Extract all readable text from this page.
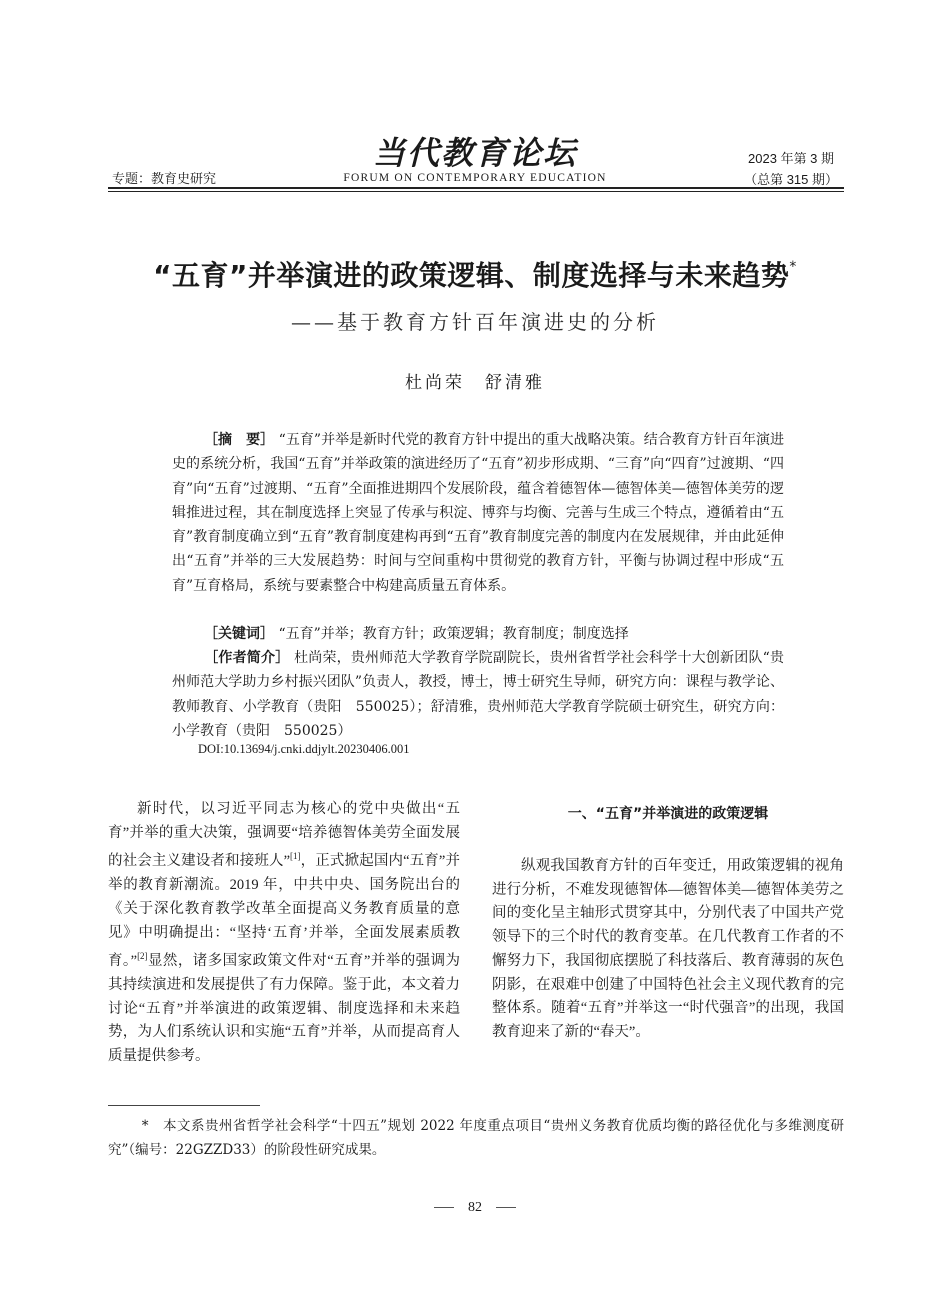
专题：教育史研究
当代教育论坛
FORUM ON CONTEMPORARY EDUCATION
2023 年第 3 期
（总第 315 期）
“五育”并举演进的政策逻辑、制度选择与未来趋势*
——基于教育方针百年演进史的分析
杜尚荣　舒清雅
［摘　要］ “五育”并举是新时代党的教育方针中提出的重大战略决策。结合教育方针百年演进史的系统分析，我国“五育”并举政策的演进经历了“五育”初步形成期、“三育”向“四育”过渡期、“四育”向“五育”过渡期、“五育”全面推进期四个发展阶段，蕴含着德智体—德智体美—德智体美劳的逻辑推进过程，其在制度选择上突显了传承与积淀、博弈与均衡、完善与生成三个特点，遵循着由“五育”教育制度确立到“五育”教育制度建构再到“五育”教育制度完善的制度内在发展规律，并由此延伸出“五育”并举的三大发展趋势：时间与空间重构中贯彻党的教育方针，平衡与协调过程中形成“五育”互育格局，系统与要素整合中构建高质量五育体系。
［关键词］ “五育”并举；教育方针；政策逻辑；教育制度；制度选择
［作者简介］ 杜尚荣，贵州师范大学教育学院副院长，贵州省哲学社会科学十大创新团队“贵州师范大学助力乡村振兴团队”负责人，教授，博士，博士研究生导师，研究方向：课程与教学论、教师教育、小学教育（贵阳　550025）；舒清雅，贵州师范大学教育学院硕士研究生，研究方向：小学教育（贵阳　550025）
DOI:10.13694/j.cnki.ddjylt.20230406.001

新时代，以习近平同志为核心的党中央做出“五育”并举的重大决策，强调要“培养德智体美劳全面发展的社会主义建设者和接班人”[1]，正式掀起国内“五育”并举的教育新潮流。2019 年，中共中央、国务院出台的《关于深化教育教学改革全面提高义务教育质量的意见》中明确提出：“坚持‘五育’并举，全面发展素质教育。”[2]显然，诸多国家政策文件对“五育”并举的强调为其持续演进和发展提供了有力保障。鉴于此，本文着力讨论“五育”并举演进的政策逻辑、制度选择和未来趋势，为人们系统认识和实施“五育”并举，从而提高育人质量提供参考。

一、“五育”并举演进的政策逻辑

纵观我国教育方针的百年变迁，用政策逻辑的视角进行分析，不难发现德智体—德智体美—德智体美劳之间的变化呈主轴形式贯穿其中，分别代表了中国共产党领导下的三个时代的教育变革。在几代教育工作者的不懈努力下，我国彻底摆脱了科技落后、教育薄弱的灰色阴影，在艰难中创建了中国特色社会主义现代教育的完整体系。随着“五育”并举这一“时代强音”的出现，我国教育迎来了新的“春天”。

*　 本文系贵州省哲学社会科学“十四五”规划 2022 年度重点项目“贵州义务教育优质均衡的路径优化与多维测度研究”（编号：22GZZD33）的阶段性研究成果。

82
